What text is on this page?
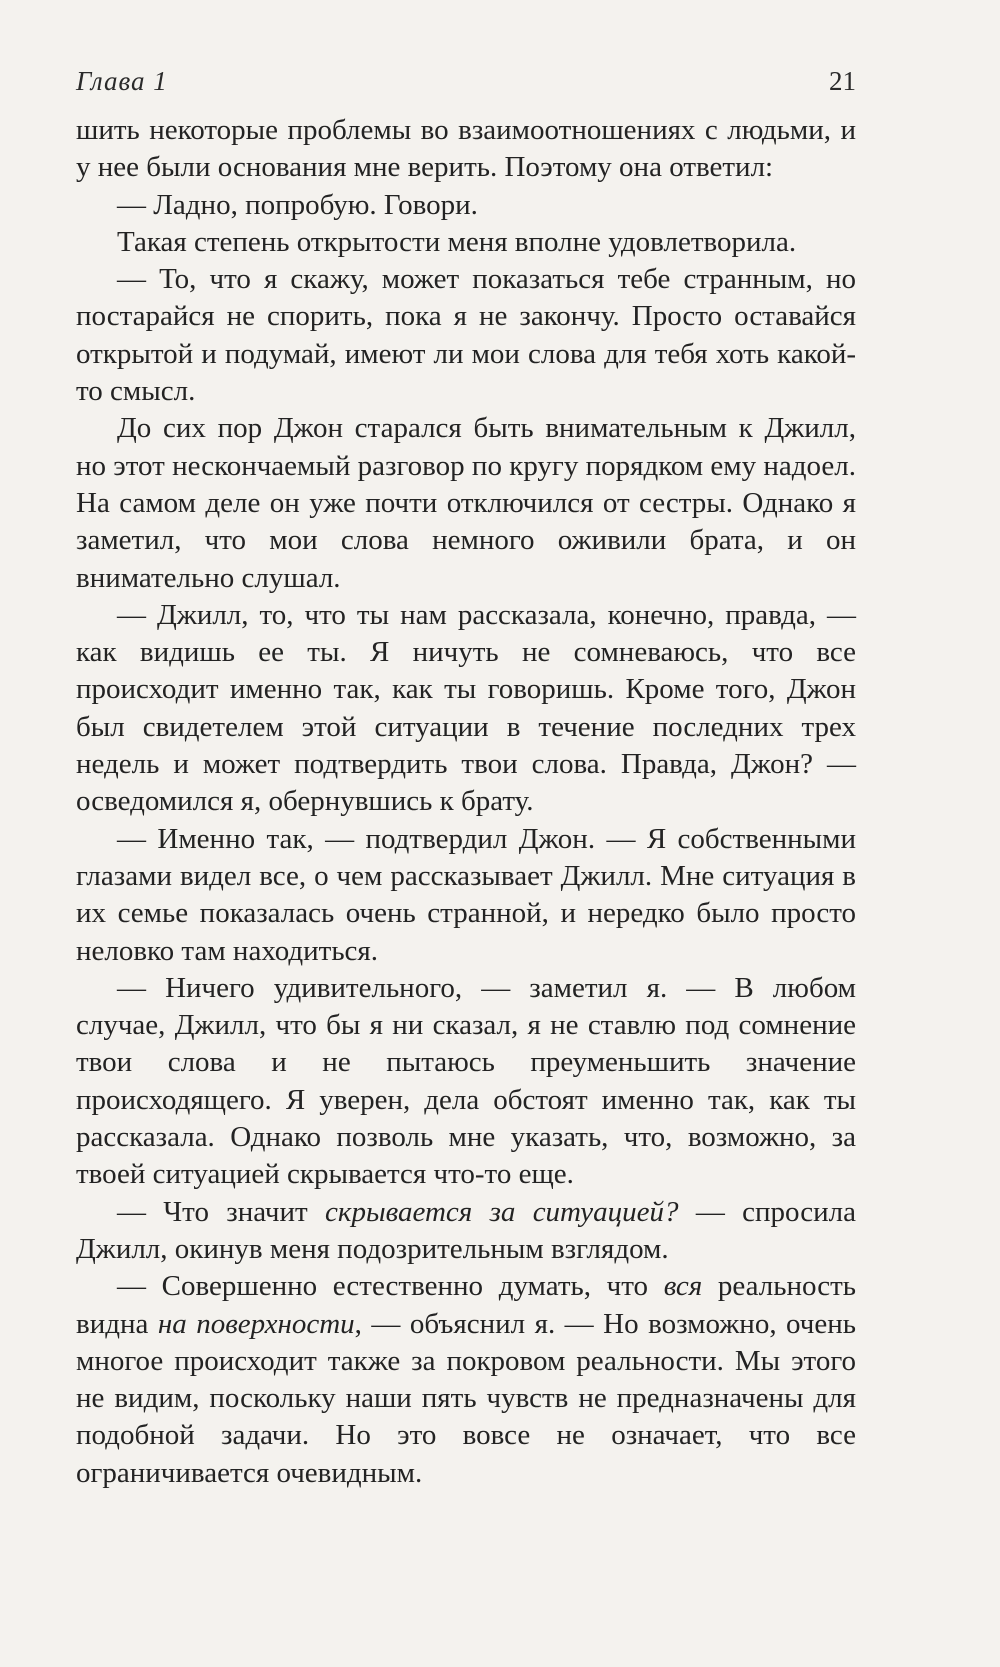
Глава 1	21

шить некоторые проблемы во взаимоотношениях с людьми, и у нее были основания мне верить. Поэтому она ответил:

— Ладно, попробую. Говори.

Такая степень открытости меня вполне удовлетворила.

— То, что я скажу, может показаться тебе странным, но постарайся не спорить, пока я не закончу. Просто оставайся открытой и подумай, имеют ли мои слова для тебя хоть какой-то смысл.

До сих пор Джон старался быть внимательным к Джилл, но этот нескончаемый разговор по кругу порядком ему надоел. На самом деле он уже почти отключился от сестры. Однако я заметил, что мои слова немного оживили брата, и он внимательно слушал.

— Джилл, то, что ты нам рассказала, конечно, правда, — как видишь ее ты. Я ничуть не сомневаюсь, что все происходит именно так, как ты говоришь. Кроме того, Джон был свидетелем этой ситуации в течение последних трех недель и может подтвердить твои слова. Правда, Джон? — осведомился я, обернувшись к брату.

— Именно так, — подтвердил Джон. — Я собственными глазами видел все, о чем рассказывает Джилл. Мне ситуация в их семье показалась очень странной, и нередко было просто неловко там находиться.

— Ничего удивительного, — заметил я. — В любом случае, Джилл, что бы я ни сказал, я не ставлю под сомнение твои слова и не пытаюсь преуменьшить значение происходящего. Я уверен, дела обстоят именно так, как ты рассказала. Однако позволь мне указать, что, возможно, за твоей ситуацией скрывается что-то еще.

— Что значит скрывается за ситуацией? — спросила Джилл, окинув меня подозрительным взглядом.

— Совершенно естественно думать, что вся реальность видна на поверхности, — объяснил я. — Но возможно, очень многое происходит также за покровом реальности. Мы этого не видим, поскольку наши пять чувств не предназначены для подобной задачи. Но это вовсе не означает, что все ограничивается очевидным.
